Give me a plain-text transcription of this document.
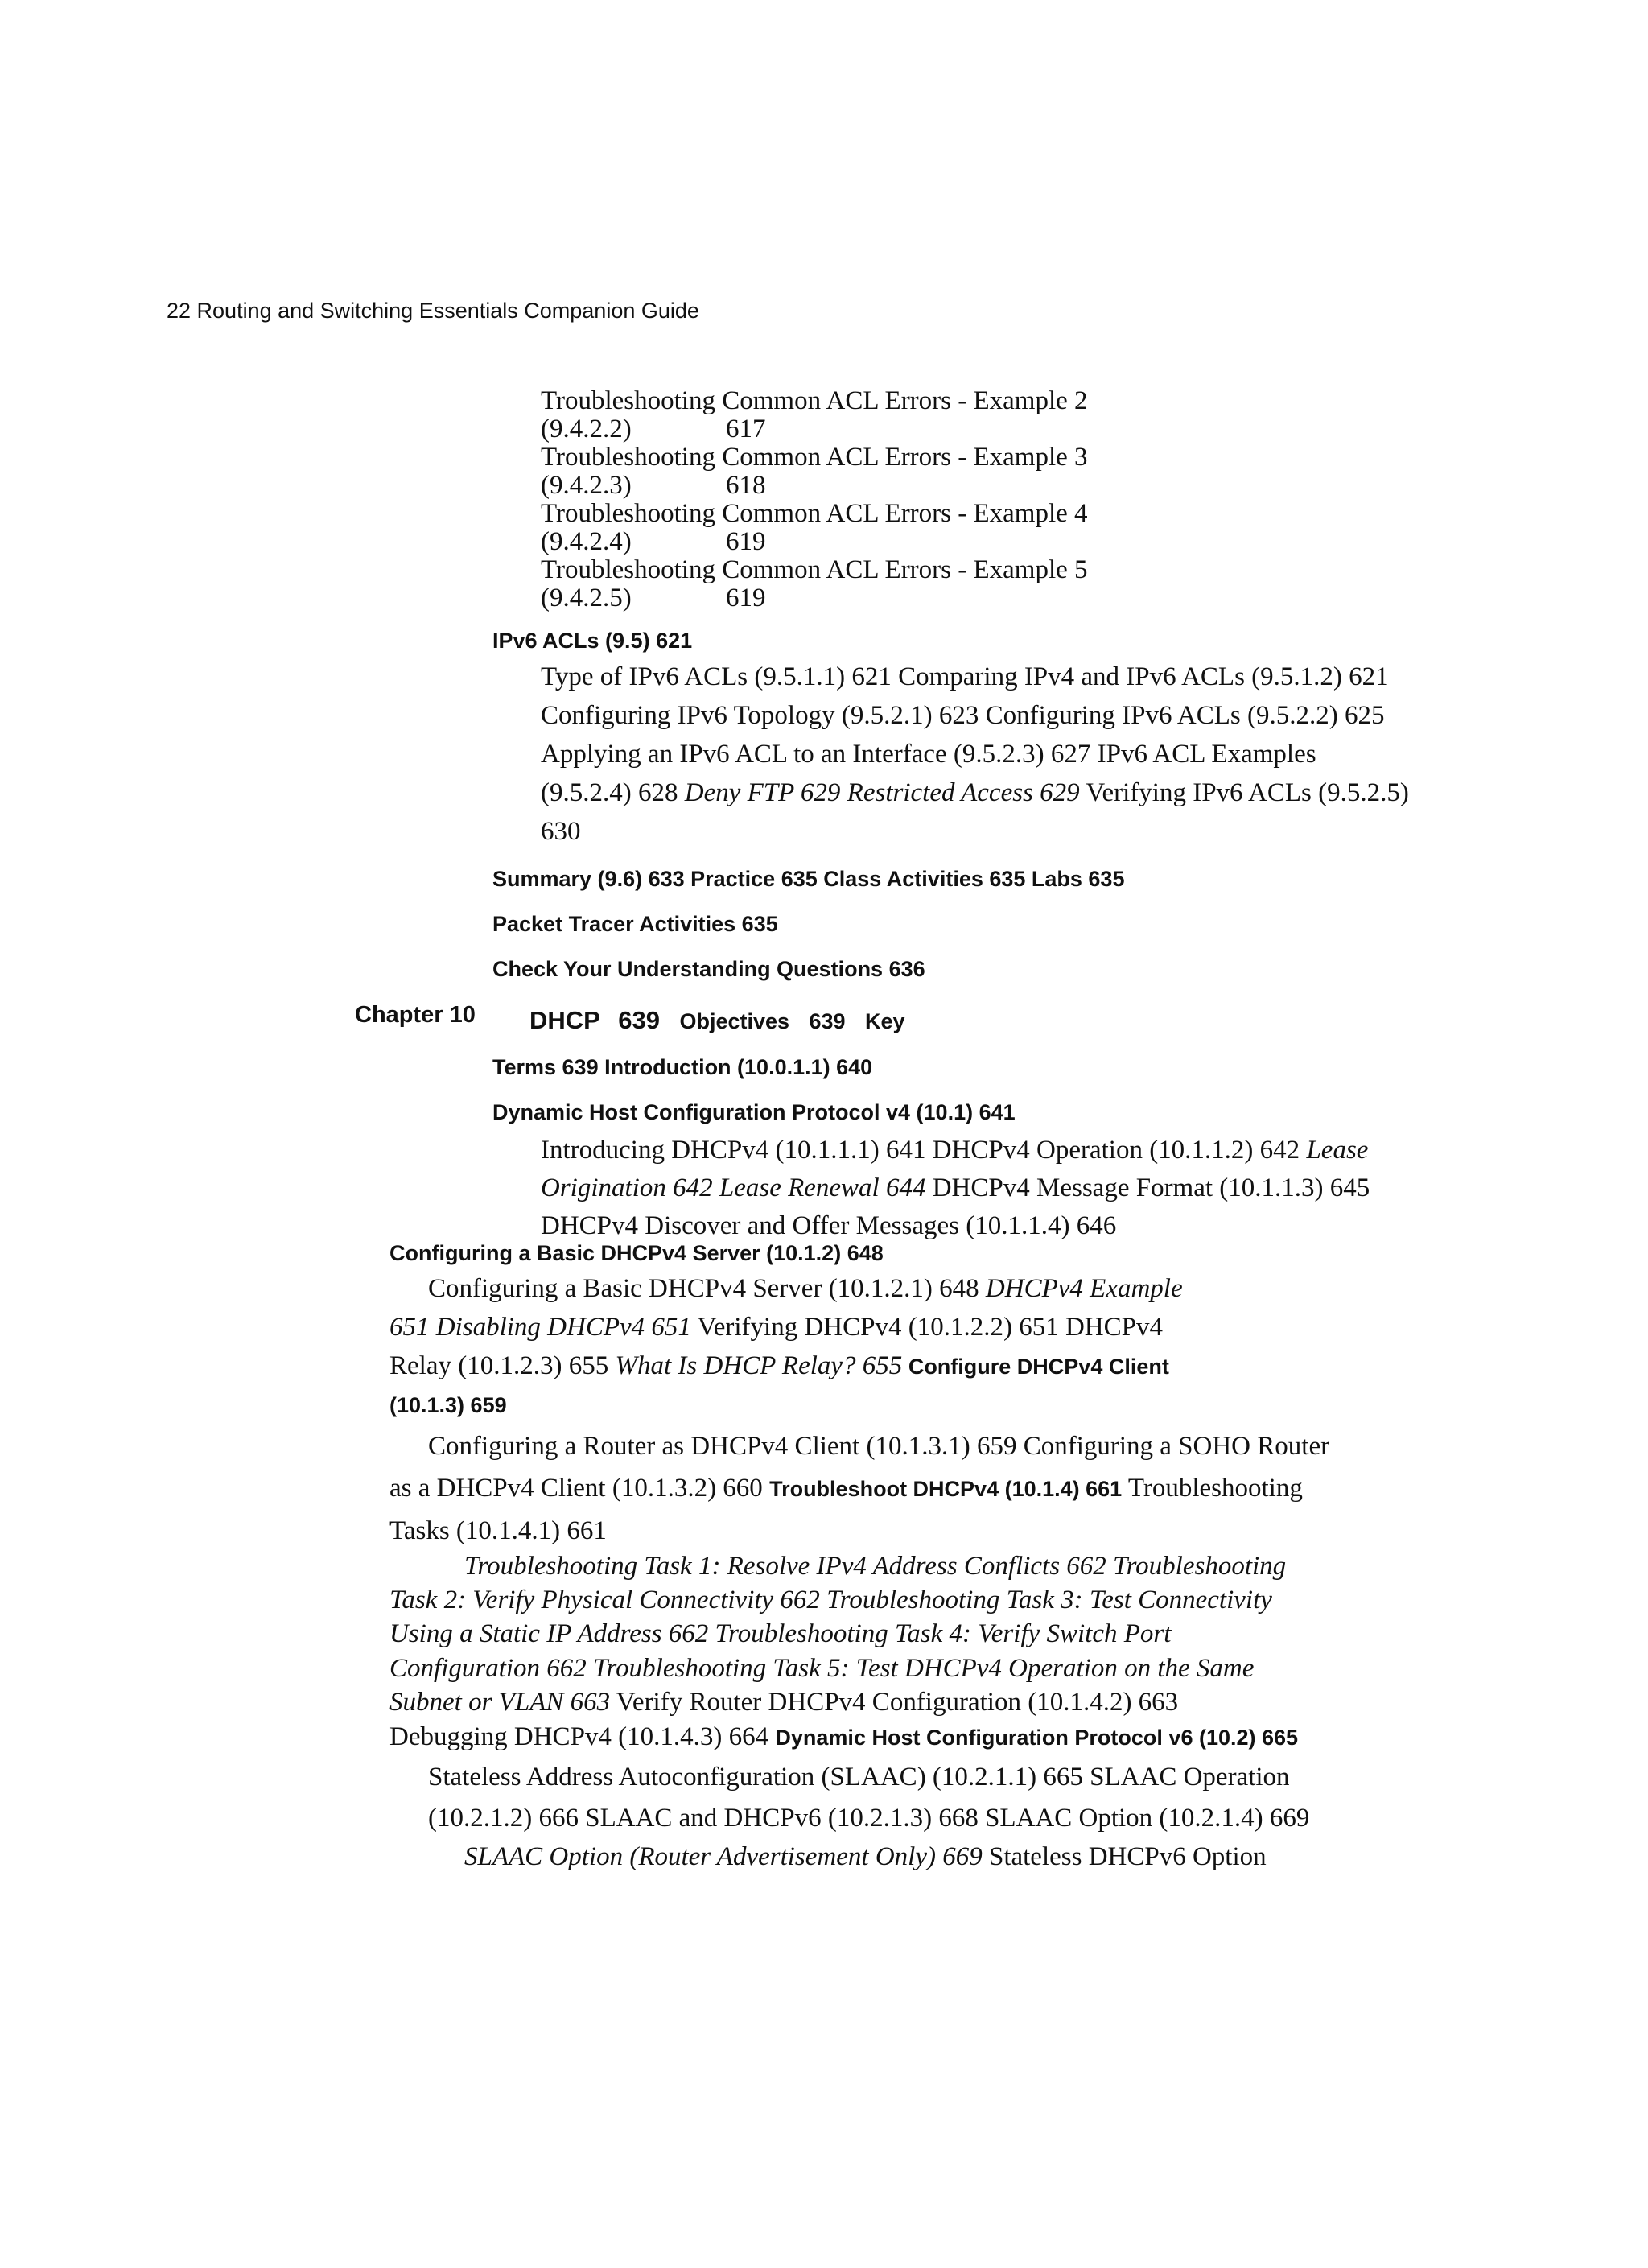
22 Routing and Switching Essentials Companion Guide
Troubleshooting Common ACL Errors - Example 2
(9.4.2.2)	617
Troubleshooting Common ACL Errors - Example 3
(9.4.2.3)	618
Troubleshooting Common ACL Errors - Example 4
(9.4.2.4)	619
Troubleshooting Common ACL Errors - Example 5
(9.4.2.5)	619
IPv6 ACLs (9.5) 621
Type of IPv6 ACLs (9.5.1.1) 621 Comparing IPv4 and IPv6 ACLs (9.5.1.2) 621
Configuring IPv6 Topology (9.5.2.1) 623 Configuring IPv6 ACLs (9.5.2.2) 625
Applying an IPv6 ACL to an Interface (9.5.2.3) 627 IPv6 ACL Examples
(9.5.2.4) 628 Deny FTP 629 Restricted Access 629 Verifying IPv6 ACLs (9.5.2.5)
630
Summary (9.6) 633 Practice 635 Class Activities 635 Labs 635
Packet Tracer Activities 635
Check Your Understanding Questions 636
Chapter 10 DHCP 639 Objectives 639 Key
Terms 639 Introduction (10.0.1.1) 640
Dynamic Host Configuration Protocol v4 (10.1) 641
Introducing DHCPv4 (10.1.1.1) 641 DHCPv4 Operation (10.1.1.2) 642 Lease
Origination 642 Lease Renewal 644 DHCPv4 Message Format (10.1.1.3) 645
DHCPv4 Discover and Offer Messages (10.1.1.4) 646
Configuring a Basic DHCPv4 Server (10.1.2) 648
Configuring a Basic DHCPv4 Server (10.1.2.1) 648 DHCPv4 Example
651 Disabling DHCPv4 651 Verifying DHCPv4 (10.1.2.2) 651 DHCPv4
Relay (10.1.2.3) 655 What Is DHCP Relay? 655 Configure DHCPv4 Client
(10.1.3) 659
Configuring a Router as DHCPv4 Client (10.1.3.1) 659 Configuring a SOHO Router
as a DHCPv4 Client (10.1.3.2) 660 Troubleshoot DHCPv4 (10.1.4) 661 Troubleshooting
Tasks (10.1.4.1) 661
Troubleshooting Task 1: Resolve IPv4 Address Conflicts 662 Troubleshooting
Task 2: Verify Physical Connectivity 662 Troubleshooting Task 3: Test Connectivity
Using a Static IP Address 662 Troubleshooting Task 4: Verify Switch Port
Configuration 662 Troubleshooting Task 5: Test DHCPv4 Operation on the Same
Subnet or VLAN 663 Verify Router DHCPv4 Configuration (10.1.4.2) 663
Debugging DHCPv4 (10.1.4.3) 664 Dynamic Host Configuration Protocol v6 (10.2) 665
Stateless Address Autoconfiguration (SLAAC) (10.2.1.1) 665 SLAAC Operation
(10.2.1.2) 666 SLAAC and DHCPv6 (10.2.1.3) 668 SLAAC Option (10.2.1.4) 669
SLAAC Option (Router Advertisement Only) 669 Stateless DHCPv6 Option
